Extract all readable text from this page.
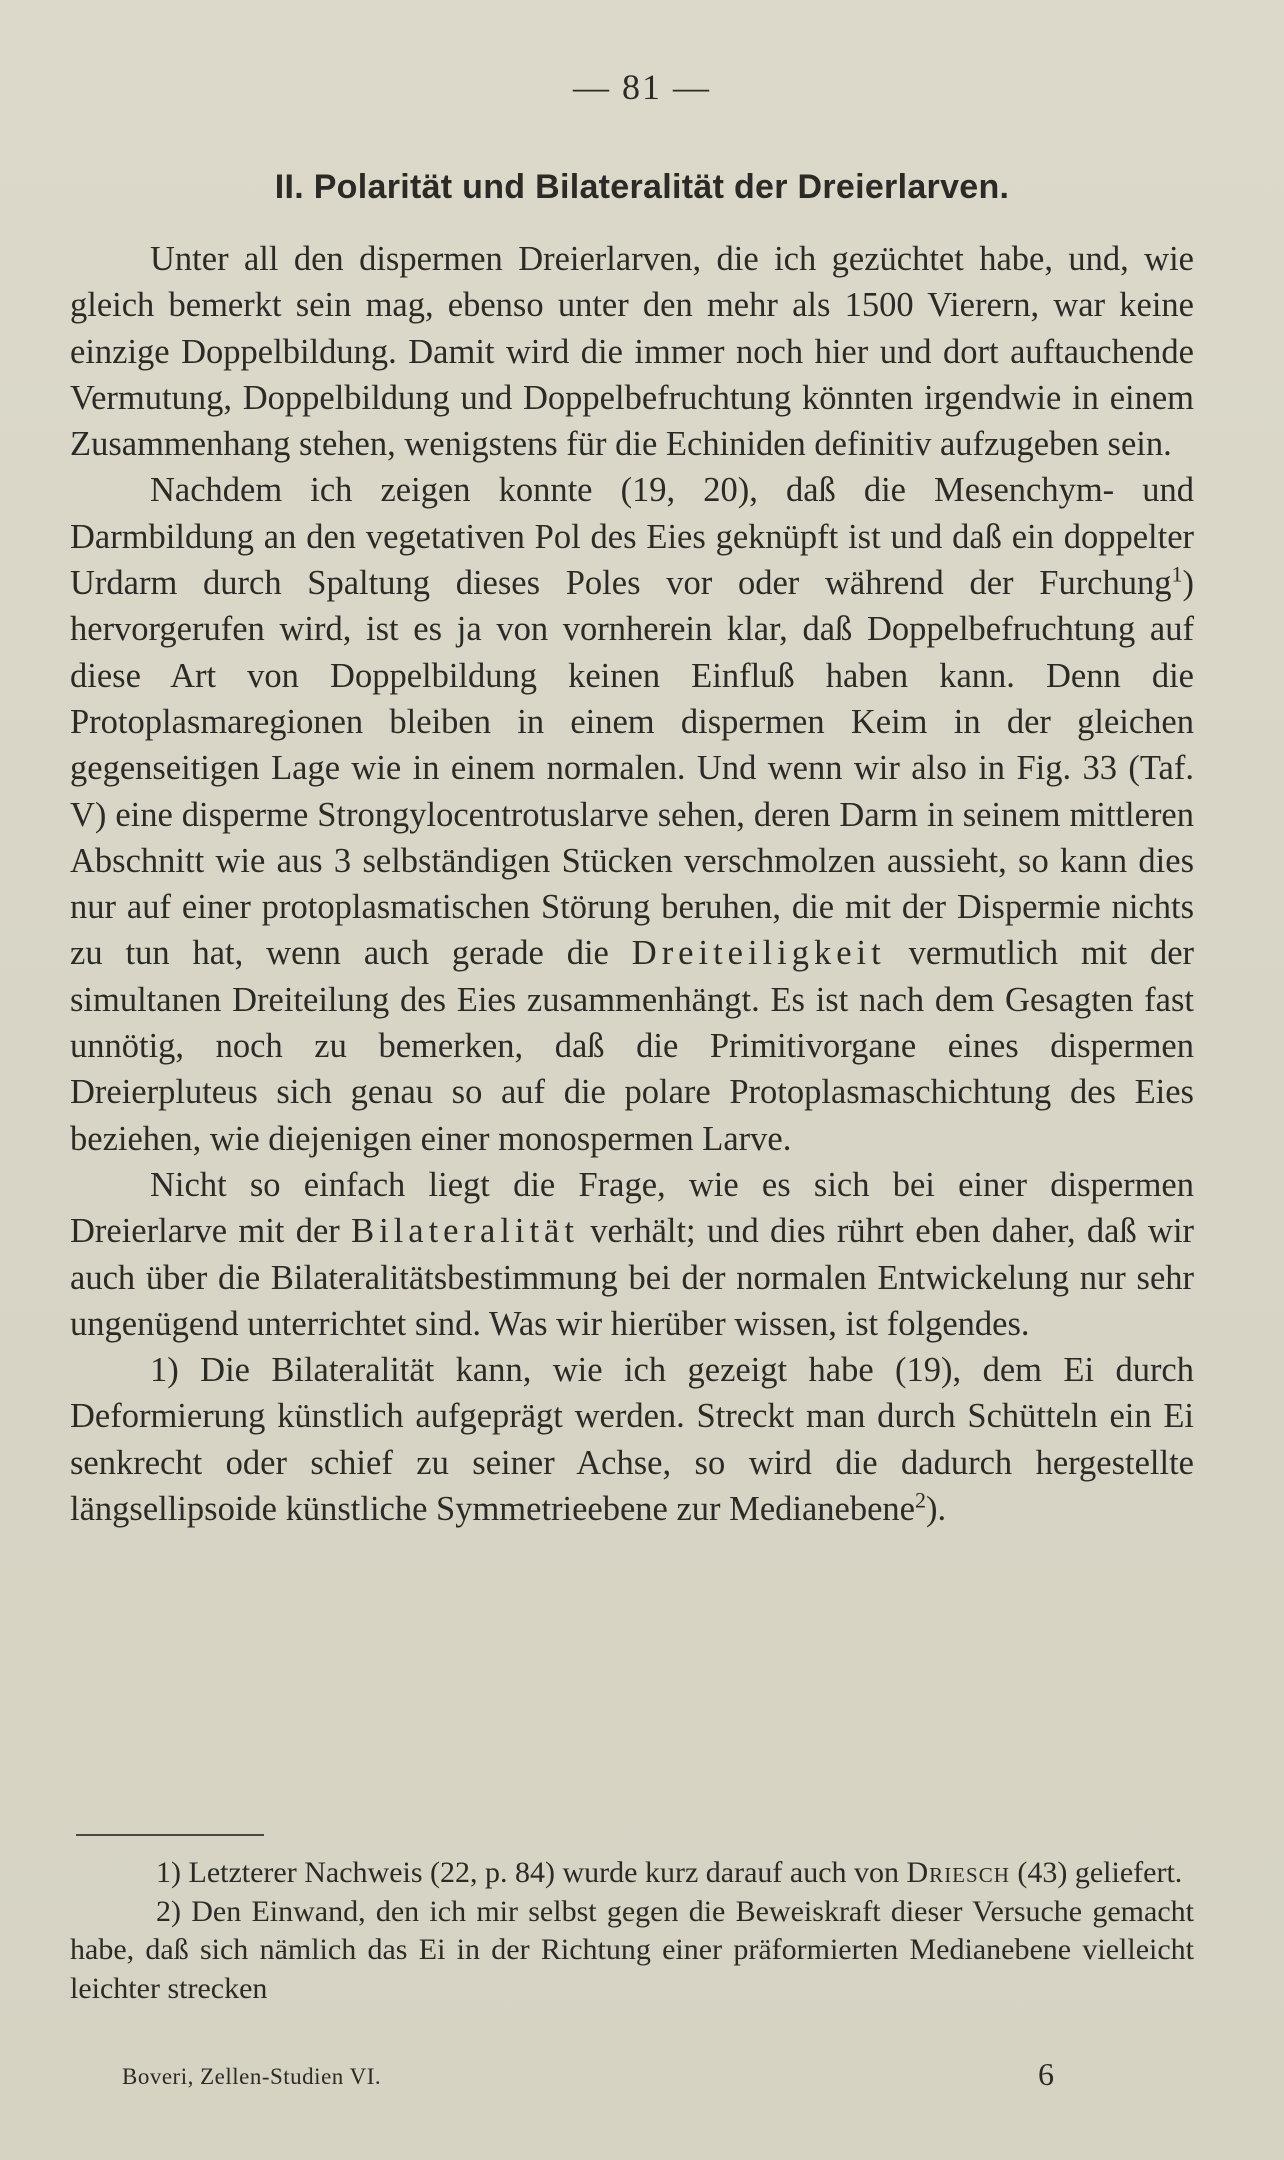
— 81 —
II. Polarität und Bilateralität der Dreierlarven.

Unter all den dispermen Dreierlarven, die ich gezüchtet habe, und, wie gleich bemerkt sein mag, ebenso unter den mehr als 1500 Vierern, war keine einzige Doppelbildung. Damit wird die immer noch hier und dort auftauchende Vermutung, Doppelbildung und Doppelbefruchtung könnten irgendwie in einem Zusammenhang stehen, wenigstens für die Echiniden definitiv aufzugeben sein.

Nachdem ich zeigen konnte (19, 20), daß die Mesenchym- und Darmbildung an den vegetativen Pol des Eies geknüpft ist und daß ein doppelter Urdarm durch Spaltung dieses Poles vor oder während der Furchung$^1$) hervorgerufen wird, ist es ja von vornherein klar, daß Doppelbefruchtung auf diese Art von Doppelbildung keinen Einfluß haben kann. Denn die Protoplasmaregionen bleiben in einem dispermen Keim in der gleichen gegenseitigen Lage wie in einem normalen. Und wenn wir also in Fig. 33 (Taf. V) eine disperme Strongylocentrotuslarve sehen, deren Darm in seinem mittleren Abschnitt wie aus 3 selbständigen Stücken verschmolzen aussieht, so kann dies nur auf einer protoplasmatischen Störung beruhen, die mit der Dispermie nichts zu tun hat, wenn auch gerade die Dreiteiligkeit vermutlich mit der simultanen Dreiteilung des Eies zusammenhängt. Es ist nach dem Gesagten fast unnötig, noch zu bemerken, daß die Primitivorgane eines dispermen Dreierpluteus sich genau so auf die polare Protoplasmaschichtung des Eies beziehen, wie diejenigen einer monospermen Larve.

Nicht so einfach liegt die Frage, wie es sich bei einer dispermen Dreierlarve mit der Bilateralität verhält; und dies rührt eben daher, daß wir auch über die Bilateralitätsbestimmung bei der normalen Entwickelung nur sehr ungenügend unterrichtet sind. Was wir hierüber wissen, ist folgendes.

1) Die Bilateralität kann, wie ich gezeigt habe (19), dem Ei durch Deformierung künstlich aufgeprägt werden. Streckt man durch Schütteln ein Ei senkrecht oder schief zu seiner Achse, so wird die dadurch hergestellte längsellipsoide künstliche Symmetrieebene zur Medianebene$^2$).

1) Letzterer Nachweis (22, p. 84) wurde kurz darauf auch von Driesch (43) geliefert.

2) Den Einwand, den ich mir selbst gegen die Beweiskraft dieser Versuche gemacht habe, daß sich nämlich das Ei in der Richtung einer präformierten Medianebene vielleicht leichter strecken

Boveri, Zellen-Studien VI.	6
